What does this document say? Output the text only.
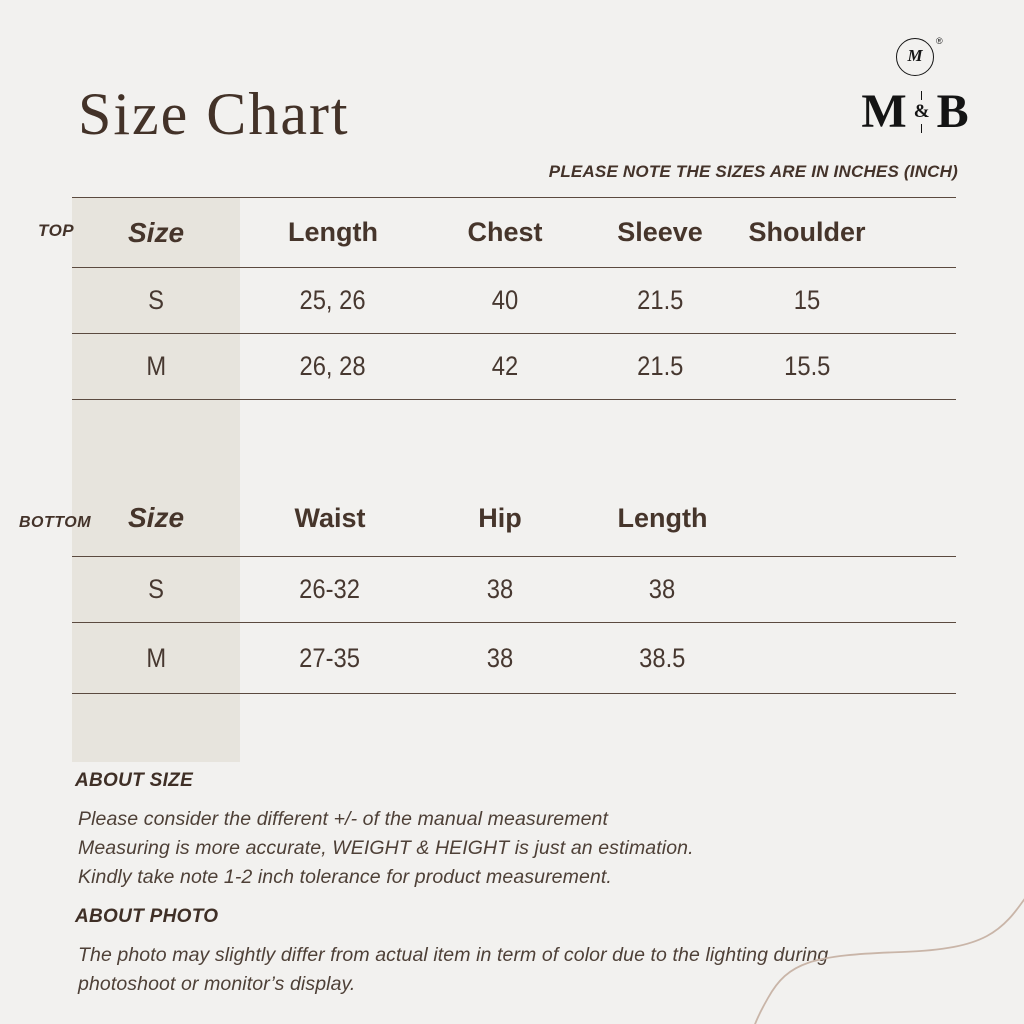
Size Chart
M
®
M & B
PLEASE NOTE THE SIZES ARE IN INCHES (INCH)
TOP
BOTTOM
Size	Length	Chest	Sleeve	Shoulder
S	25, 26	40	21.5	15
M	26, 28	42	21.5	15.5
Size	Waist	Hip	Length
S	26-32	38	38
M	27-35	38	38.5
ABOUT SIZE
Please consider the different +/- of the manual measurement
Measuring is more accurate, WEIGHT & HEIGHT is just an estimation.
Kindly take note 1-2 inch tolerance for product measurement.
ABOUT PHOTO
The photo may slightly differ from actual item in term of color due to the lighting during
photoshoot or monitor’s display.
